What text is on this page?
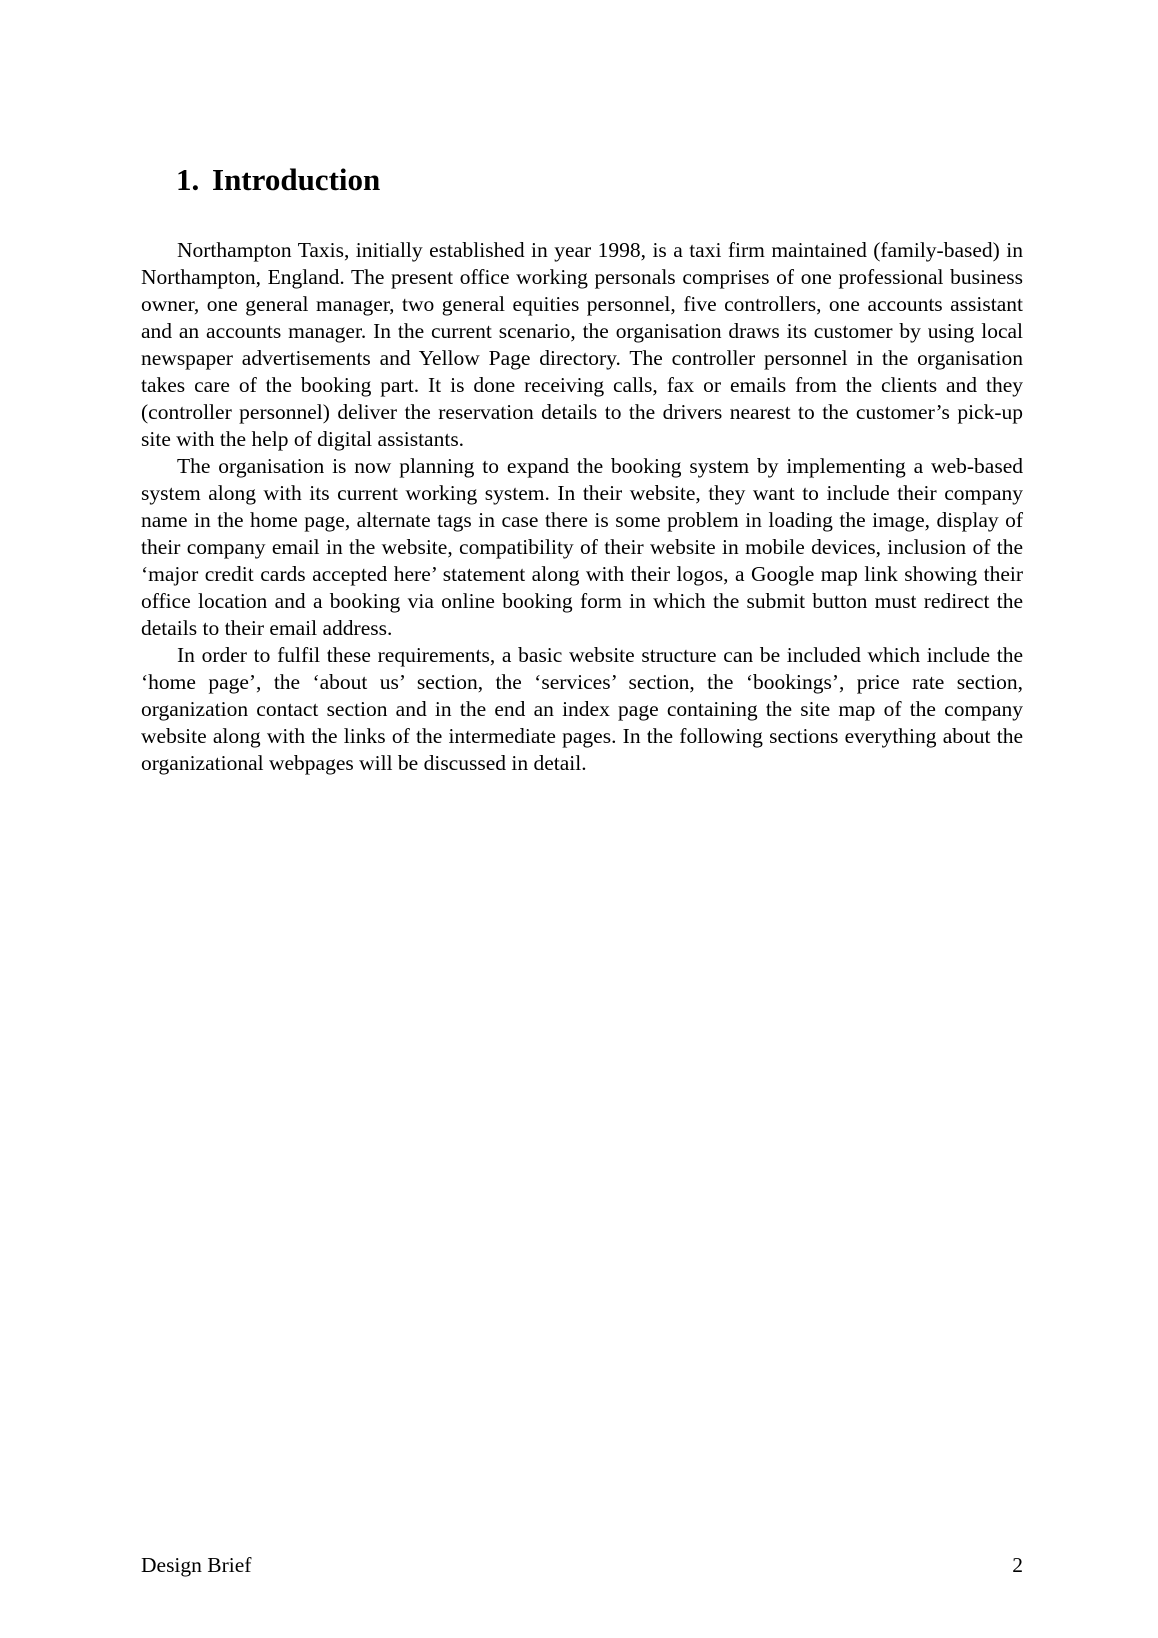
1. Introduction

Northampton Taxis, initially established in year 1998, is a taxi firm maintained (family-based) in Northampton, England. The present office working personals comprises of one professional business owner, one general manager, two general equities personnel, five controllers, one accounts assistant and an accounts manager. In the current scenario, the organisation draws its customer by using local newspaper advertisements and Yellow Page directory. The controller personnel in the organisation takes care of the booking part. It is done receiving calls, fax or emails from the clients and they (controller personnel) deliver the reservation details to the drivers nearest to the customer’s pick-up site with the help of digital assistants.

The organisation is now planning to expand the booking system by implementing a web-based system along with its current working system. In their website, they want to include their company name in the home page, alternate tags in case there is some problem in loading the image, display of their company email in the website, compatibility of their website in mobile devices, inclusion of the ‘major credit cards accepted here’ statement along with their logos, a Google map link showing their office location and a booking via online booking form in which the submit button must redirect the details to their email address.

In order to fulfil these requirements, a basic website structure can be included which include the ‘home page’, the ‘about us’ section, the ‘services’ section, the ‘bookings’, price rate section, organization contact section and in the end an index page containing the site map of the company website along with the links of the intermediate pages. In the following sections everything about the organizational webpages will be discussed in detail.

Design Brief	2
